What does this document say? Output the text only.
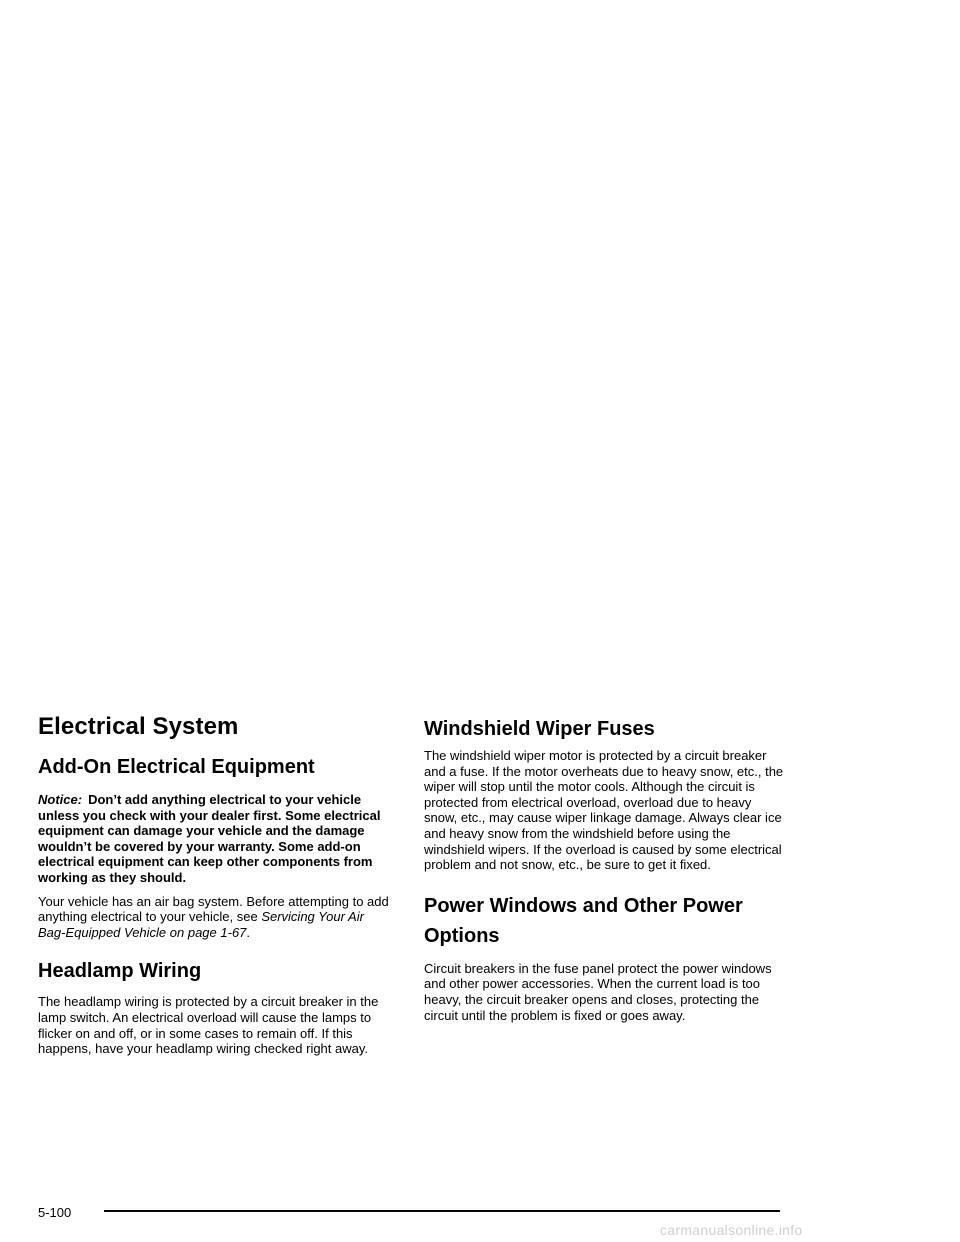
Electrical System
Add-On Electrical Equipment

Notice: Don’t add anything electrical to your vehicle unless you check with your dealer first. Some electrical equipment can damage your vehicle and the damage wouldn’t be covered by your warranty. Some add-on electrical equipment can keep other components from working as they should.

Your vehicle has an air bag system. Before attempting to add anything electrical to your vehicle, see Servicing Your Air Bag-Equipped Vehicle on page 1-67.

Headlamp Wiring

The headlamp wiring is protected by a circuit breaker in the lamp switch. An electrical overload will cause the lamps to flicker on and off, or in some cases to remain off. If this happens, have your headlamp wiring checked right away.

Windshield Wiper Fuses

The windshield wiper motor is protected by a circuit breaker and a fuse. If the motor overheats due to heavy snow, etc., the wiper will stop until the motor cools. Although the circuit is protected from electrical overload, overload due to heavy snow, etc., may cause wiper linkage damage. Always clear ice and heavy snow from the windshield before using the windshield wipers. If the overload is caused by some electrical problem and not snow, etc., be sure to get it fixed.

Power Windows and Other Power Options

Circuit breakers in the fuse panel protect the power windows and other power accessories. When the current load is too heavy, the circuit breaker opens and closes, protecting the circuit until the problem is fixed or goes away.

5-100
carmanualsonline.info
